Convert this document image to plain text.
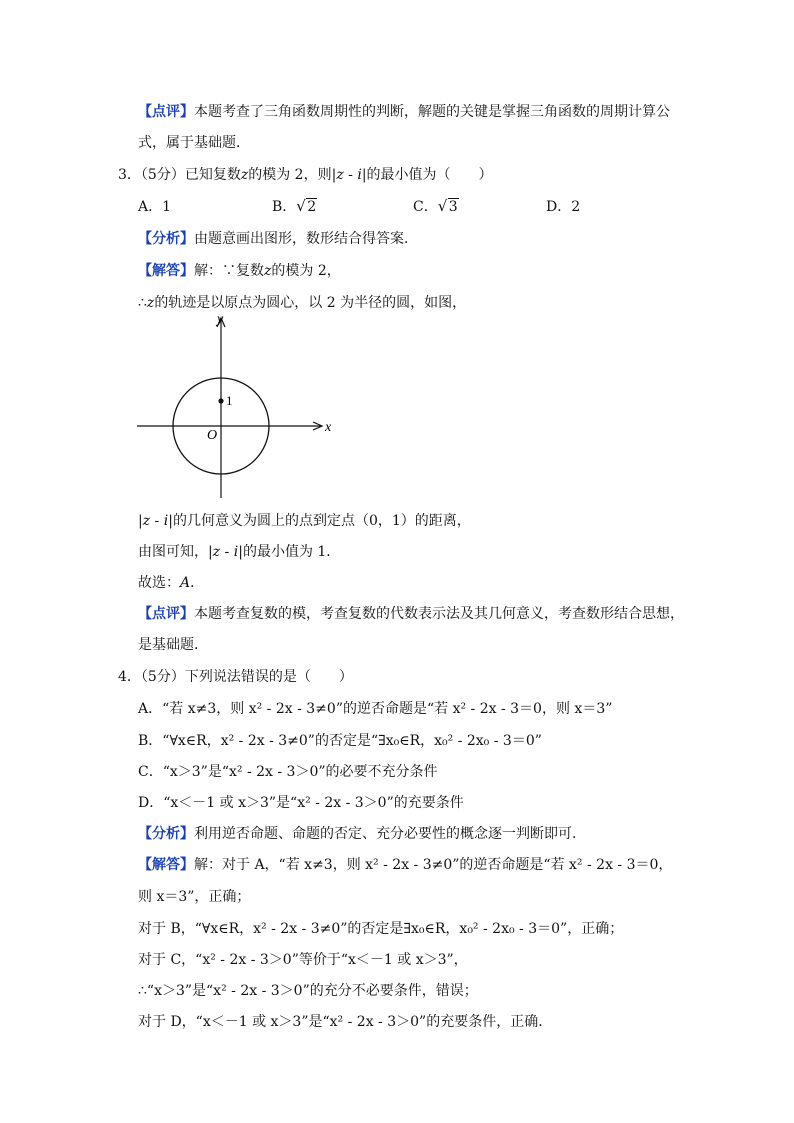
【点评】本题考查了三角函数周期性的判断，解题的关键是掌握三角函数的周期计算公
式，属于基础题．
3．（5分）已知复数z的模为 2，则|z - i|的最小值为（　　）
A．1	B． √ 2	C． √ 3	D．2
【分析】由题意画出图形，数形结合得答案．
【解答】解：∵复数z的模为 2，
∴z的轨迹是以原点为圆心，以 2 为半径的圆，如图，
x
y
O
1
|z - i|的几何意义为圆上的点到定点（0，1）的距离，
由图可知，|z - i|的最小值为 1．
故选：A．
【点评】本题考查复数的模，考查复数的代数表示法及其几何意义，考查数形结合思想，
是基础题．
4．（5分）下列说法错误的是（　　）
A．“若 x≠3，则 x² - 2x - 3≠0”的逆否命题是“若 x² - 2x - 3＝0，则 x＝3”
B．“∀x∈R，x² - 2x - 3≠0”的否定是“∃x₀∈R，x₀² - 2x₀ - 3＝0”
C．“x＞3”是“x² - 2x - 3＞0”的必要不充分条件
D．“x＜－1 或 x＞3”是“x² - 2x - 3＞0”的充要条件
【分析】利用逆否命题、命题的否定、充分必要性的概念逐一判断即可．
【解答】解：对于 A，“若 x≠3，则 x² - 2x - 3≠0”的逆否命题是“若 x² - 2x - 3＝0，
则 x＝3”，正确；
对于 B，“∀x∈R，x² - 2x - 3≠0”的否定是∃x₀∈R，x₀² - 2x₀ - 3＝0”，正确；
对于 C，“x² - 2x - 3＞0”等价于“x＜－1 或 x＞3”，
∴“x＞3”是“x² - 2x - 3＞0”的充分不必要条件，错误；
对于 D，“x＜－1 或 x＞3”是“x² - 2x - 3＞0”的充要条件，正确．
